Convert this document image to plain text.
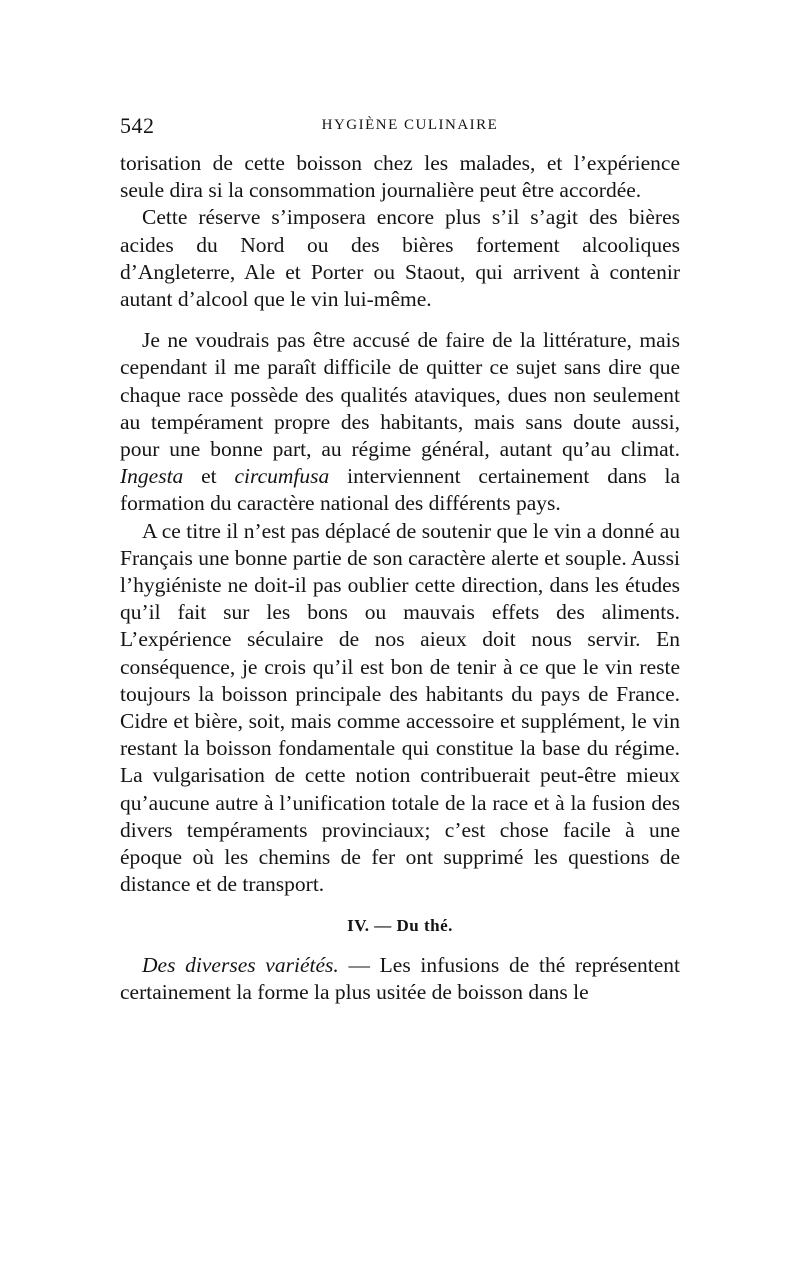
542	HYGIÈNE CULINAIRE

torisation de cette boisson chez les malades, et l’expérience seule dira si la consommation journalière peut être accordée.

Cette réserve s’imposera encore plus s’il s’agit des bières acides du Nord ou des bières fortement alcooliques d’Angleterre, Ale et Porter ou Staout, qui arrivent à contenir autant d’alcool que le vin lui-même.

Je ne voudrais pas être accusé de faire de la littérature, mais cependant il me paraît difficile de quitter ce sujet sans dire que chaque race possède des qualités ataviques, dues non seulement au tempérament propre des habitants, mais sans doute aussi, pour une bonne part, au régime général, autant qu’au climat. Ingesta et circumfusa interviennent certainement dans la formation du caractère national des différents pays.

A ce titre il n’est pas déplacé de soutenir que le vin a donné au Français une bonne partie de son caractère alerte et souple. Aussi l’hygiéniste ne doit-il pas oublier cette direction, dans les études qu’il fait sur les bons ou mauvais effets des aliments. L’expérience séculaire de nos aieux doit nous servir. En conséquence, je crois qu’il est bon de tenir à ce que le vin reste toujours la boisson principale des habitants du pays de France. Cidre et bière, soit, mais comme accessoire et supplément, le vin restant la boisson fondamentale qui constitue la base du régime. La vulgarisation de cette notion contribuerait peut-être mieux qu’aucune autre à l’unification totale de la race et à la fusion des divers tempéraments provinciaux; c’est chose facile à une époque où les chemins de fer ont supprimé les questions de distance et de transport.

IV. — Du thé.

Des diverses variétés. — Les infusions de thé représentent certainement la forme la plus usitée de boisson dans le
